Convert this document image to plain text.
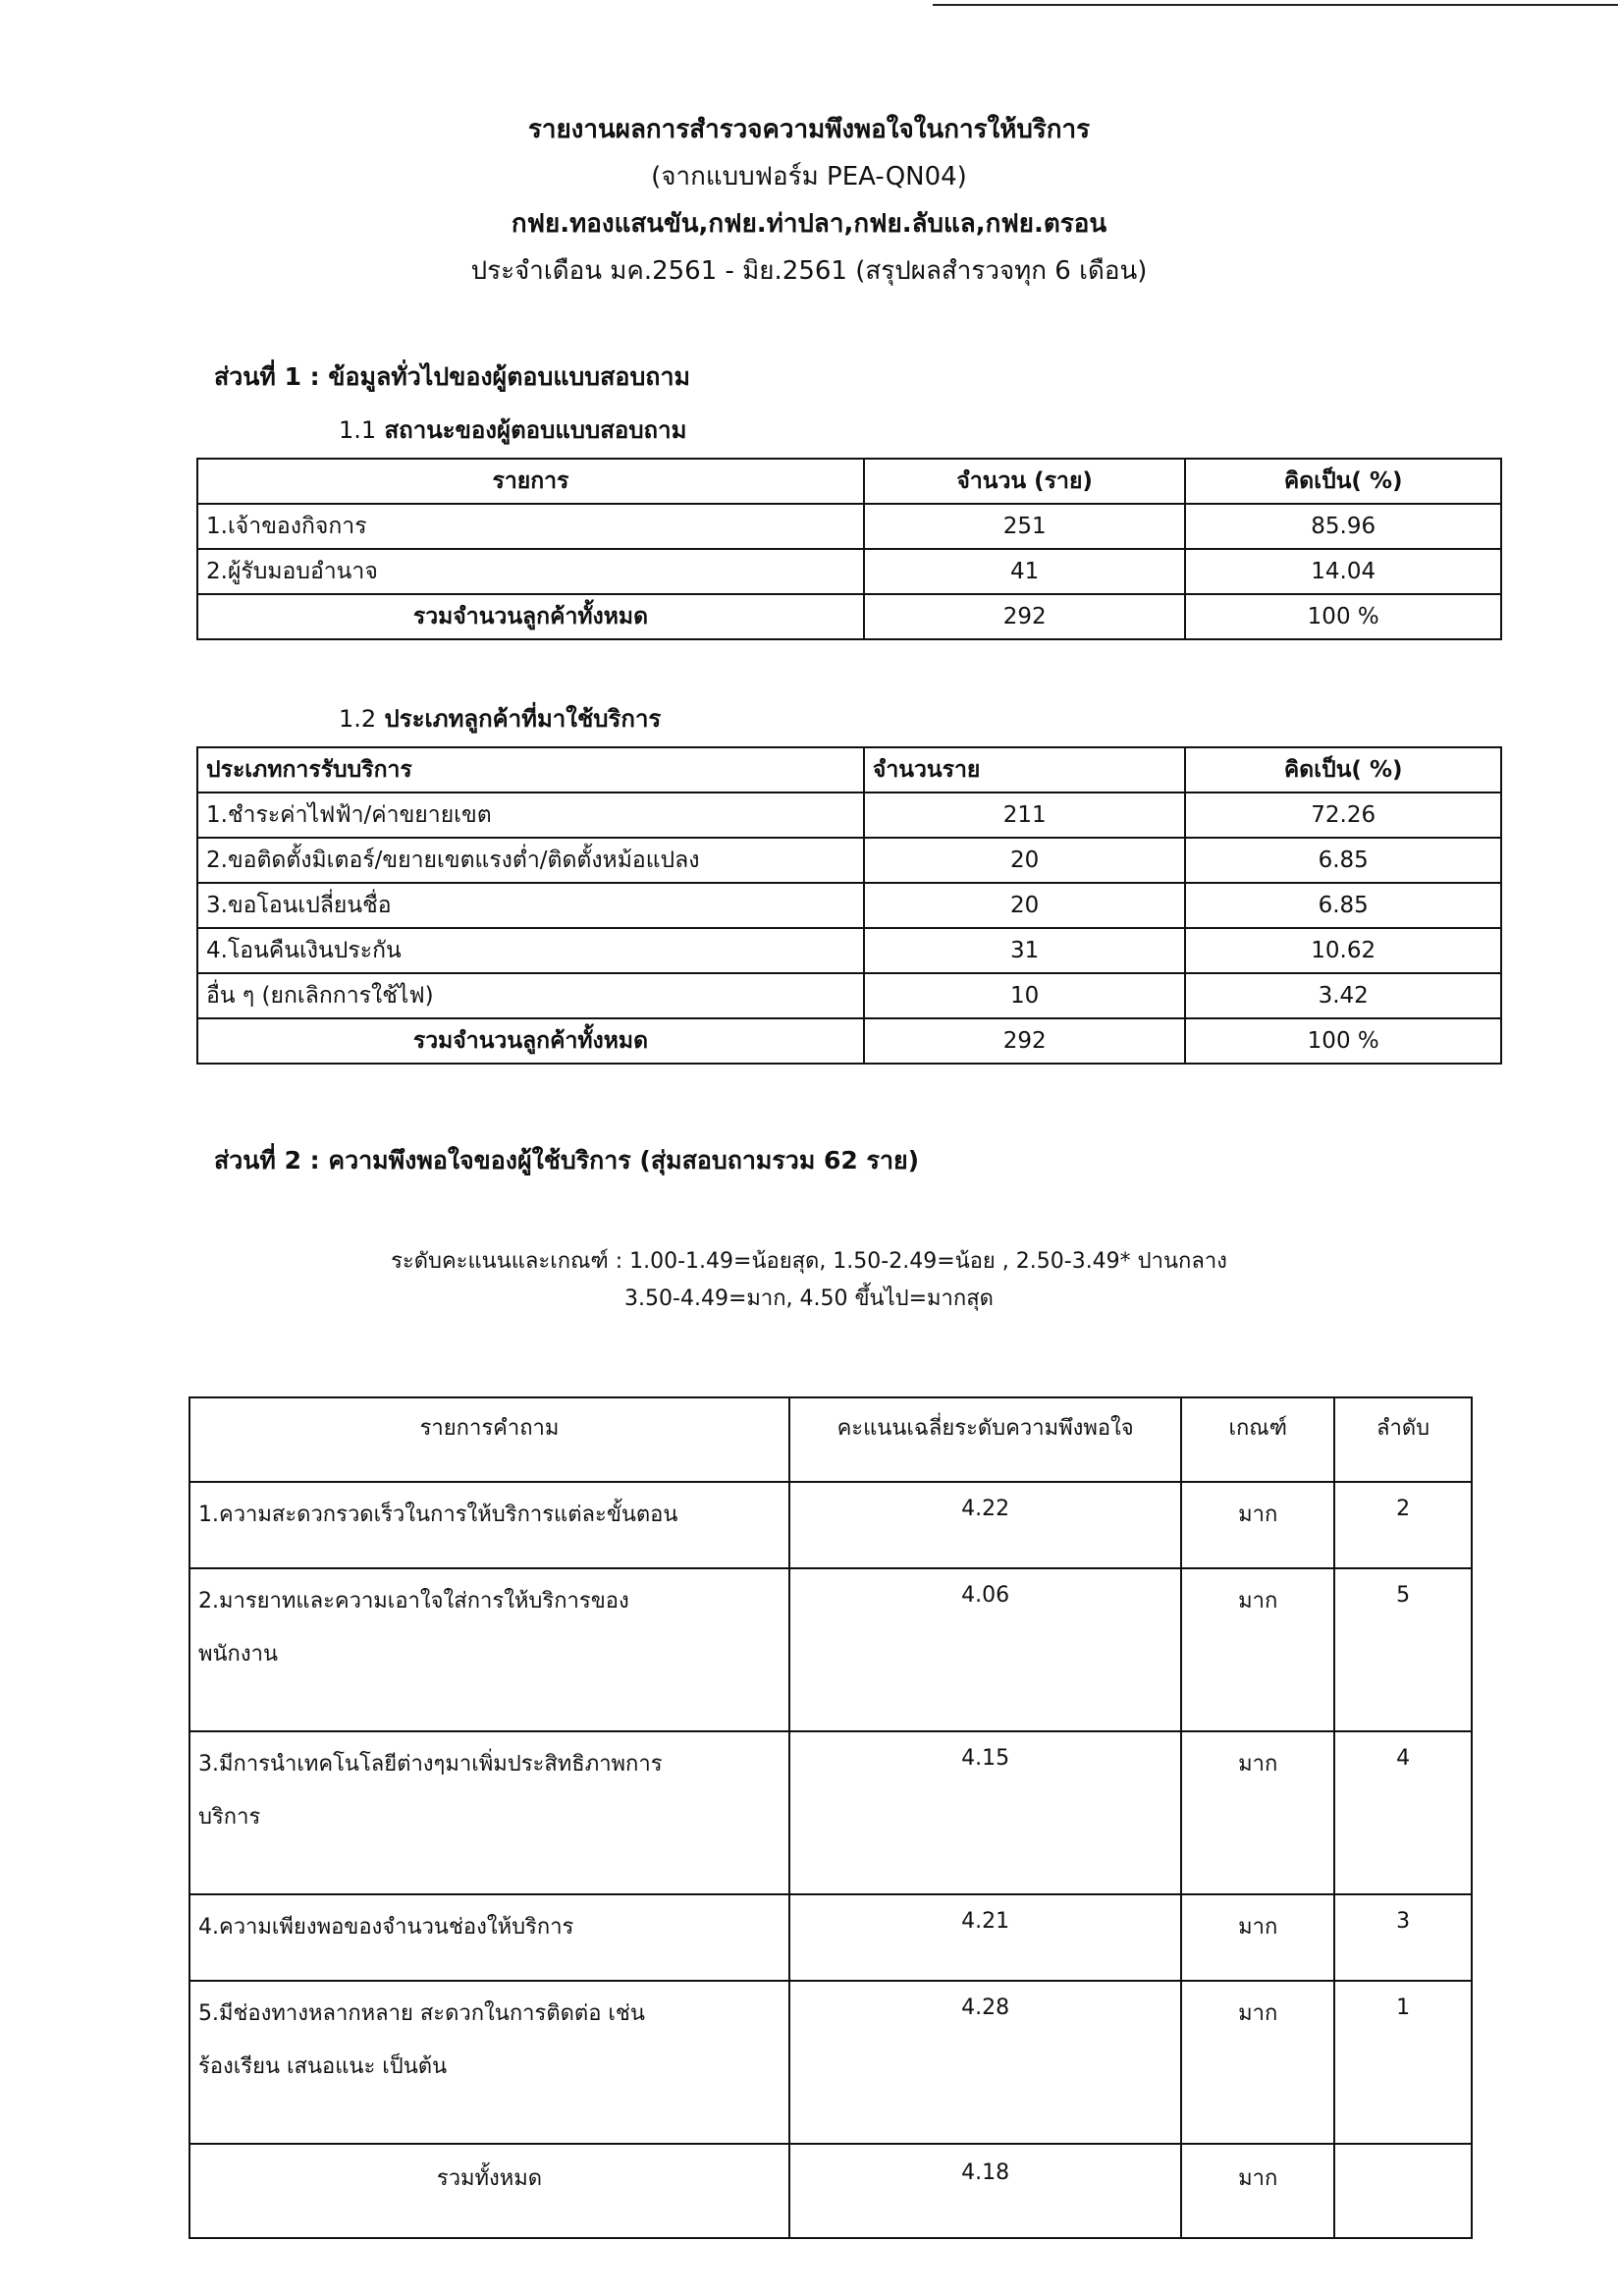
รายงานผลการสำรวจความพึงพอใจในการให้บริการ
(จากแบบฟอร์ม PEA-QN04)
กฟย.ทองแสนขัน,กฟย.ท่าปลา,กฟย.ลับแล,กฟย.ตรอน
ประจำเดือน มค.2561 - มิย.2561 (สรุปผลสำรวจทุก 6 เดือน)
ส่วนที่ 1 : ข้อมูลทั่วไปของผู้ตอบแบบสอบถาม
1.1 สถานะของผู้ตอบแบบสอบถาม
รายการ	จำนวน (ราย)	คิดเป็น( %)
1.เจ้าของกิจการ	251	85.96
2.ผู้รับมอบอำนาจ	41	14.04
รวมจำนวนลูกค้าทั้งหมด	292	100 %
1.2 ประเภทลูกค้าที่มาใช้บริการ
ประเภทการรับบริการ	จำนวนราย	คิดเป็น( %)
1.ชำระค่าไฟฟ้า/ค่าขยายเขต	211	72.26
2.ขอติดตั้งมิเตอร์/ขยายเขตแรงต่ำ/ติดตั้งหม้อแปลง	20	6.85
3.ขอโอนเปลี่ยนชื่อ	20	6.85
4.โอนคืนเงินประกัน	31	10.62
อื่น ๆ (ยกเลิกการใช้ไฟ)	10	3.42
รวมจำนวนลูกค้าทั้งหมด	292	100 %
ส่วนที่ 2 : ความพึงพอใจของผู้ใช้บริการ (สุ่มสอบถามรวม 62 ราย)
ระดับคะแนนและเกณฑ์ : 1.00-1.49=น้อยสุด, 1.50-2.49=น้อย , 2.50-3.49* ปานกลาง
3.50-4.49=มาก, 4.50 ขึ้นไป=มากสุด
รายการคำถาม	คะแนนเฉลี่ยระดับความพึงพอใจ	เกณฑ์	ลำดับ

1.ความสะดวกรวดเร็วในการให้บริการแต่ละขั้นตอน	4.22	มาก	2

2.มารยาทและความเอาใจใส่การให้บริการของ
พนักงาน	4.06	มาก	5

3.มีการนำเทคโนโลยีต่างๆมาเพิ่มประสิทธิภาพการ
บริการ	4.15	มาก	4

4.ความเพียงพอของจำนวนช่องให้บริการ	4.21	มาก	3

5.มีช่องทางหลากหลาย สะดวกในการติดต่อ เช่น
ร้องเรียน เสนอแนะ เป็นต้น	4.28	มาก	1
รวมทั้งหมด	4.18	มาก	
